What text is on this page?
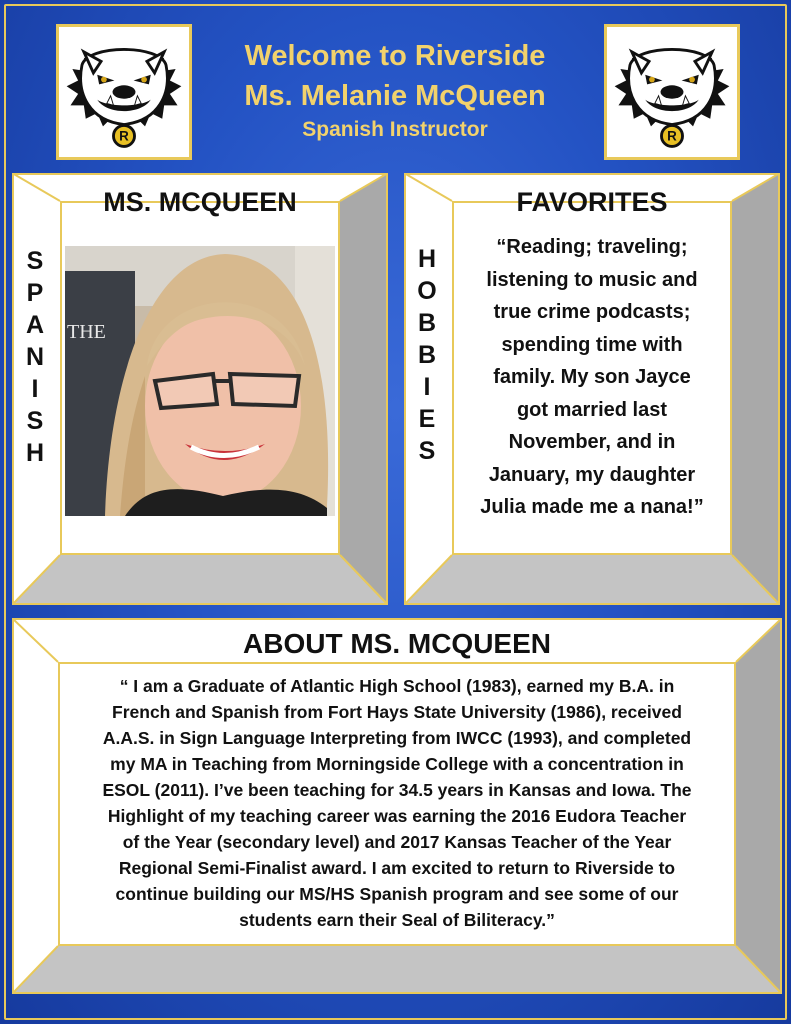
R	R
Welcome to Riverside
Ms. Melanie McQueen
Spanish Instructor
MS. MCQUEEN
S
P
A
N
I
S
H
THE
FAVORITES
H
O
B
B
I
E
S
“Reading; traveling;
listening to music and
true crime podcasts;
spending time with
family. My son Jayce
got married last
November, and in
January, my daughter
Julia made me a nana!”
ABOUT MS. MCQUEEN
“ I am a Graduate of Atlantic High School (1983), earned my B.A. in
French and Spanish from Fort Hays State University (1986), received
A.A.S. in Sign Language Interpreting from IWCC (1993), and completed
my MA in Teaching from Morningside College with a concentration in
ESOL (2011). I’ve been teaching for 34.5 years in Kansas and Iowa. The
Highlight of my teaching career was earning the 2016 Eudora Teacher
of the Year (secondary level) and 2017 Kansas Teacher of the Year
Regional Semi-Finalist award. I am excited to return to Riverside to
continue building our MS/HS Spanish program and see some of our
students earn their Seal of Biliteracy.”
